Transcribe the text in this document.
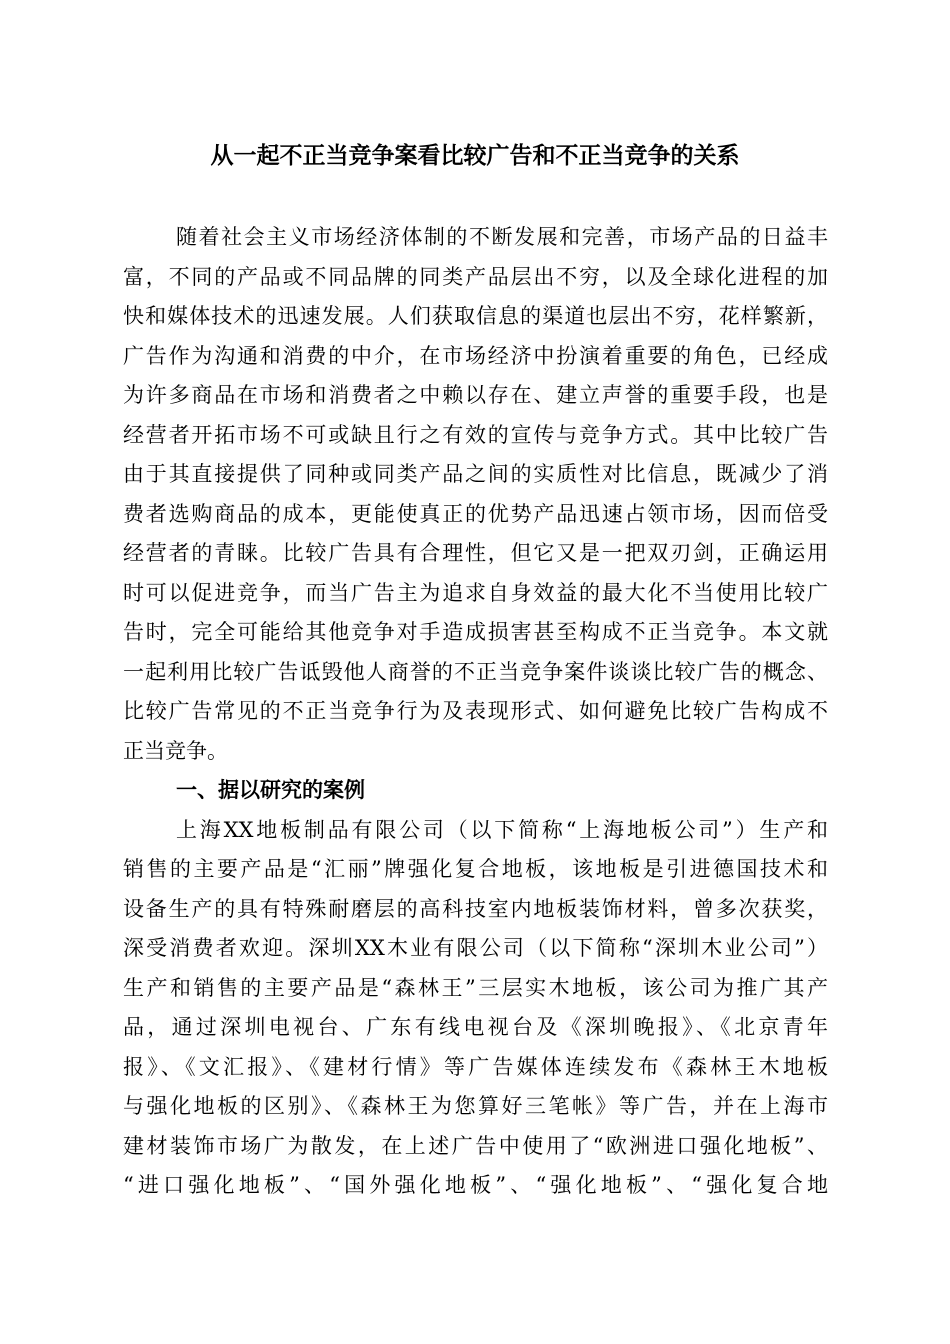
从一起不正当竞争案看比较广告和不正当竞争的关系
随着社会主义市场经济体制的不断发展和完善，市场产品的日益丰
富，不同的产品或不同品牌的同类产品层出不穷，以及全球化进程的加
快和媒体技术的迅速发展。人们获取信息的渠道也层出不穷，花样繁新，
广告作为沟通和消费的中介，在市场经济中扮演着重要的角色，已经成
为许多商品在市场和消费者之中赖以存在、建立声誉的重要手段，也是
经营者开拓市场不可或缺且行之有效的宣传与竞争方式。其中比较广告
由于其直接提供了同种或同类产品之间的实质性对比信息，既减少了消
费者选购商品的成本，更能使真正的优势产品迅速占领市场，因而倍受
经营者的青睐。比较广告具有合理性，但它又是一把双刃剑，正确运用
时可以促进竞争，而当广告主为追求自身效益的最大化不当使用比较广
告时，完全可能给其他竞争对手造成损害甚至构成不正当竞争。本文就
一起利用比较广告诋毁他人商誉的不正当竞争案件谈谈比较广告的概念、
比较广告常见的不正当竞争行为及表现形式、如何避免比较广告构成不
正当竞争。
一、据以研究的案例
上海XX地板制品有限公司（以下简称“上海地板公司”）生产和
销售的主要产品是“汇丽”牌强化复合地板，该地板是引进德国技术和
设备生产的具有特殊耐磨层的高科技室内地板装饰材料，曾多次获奖，
深受消费者欢迎。深圳XX木业有限公司（以下简称“深圳木业公司”）
生产和销售的主要产品是“森林王”三层实木地板，该公司为推广其产
品，通过深圳电视台、广东有线电视台及《深圳晚报》、《北京青年
报》、《文汇报》、《建材行情》等广告媒体连续发布《森林王木地板
与强化地板的区别》、《森林王为您算好三笔帐》等广告，并在上海市
建材装饰市场广为散发，在上述广告中使用了“欧洲进口强化地板”、
“进口强化地板”、“国外强化地板”、“强化地板”、“强化复合地
